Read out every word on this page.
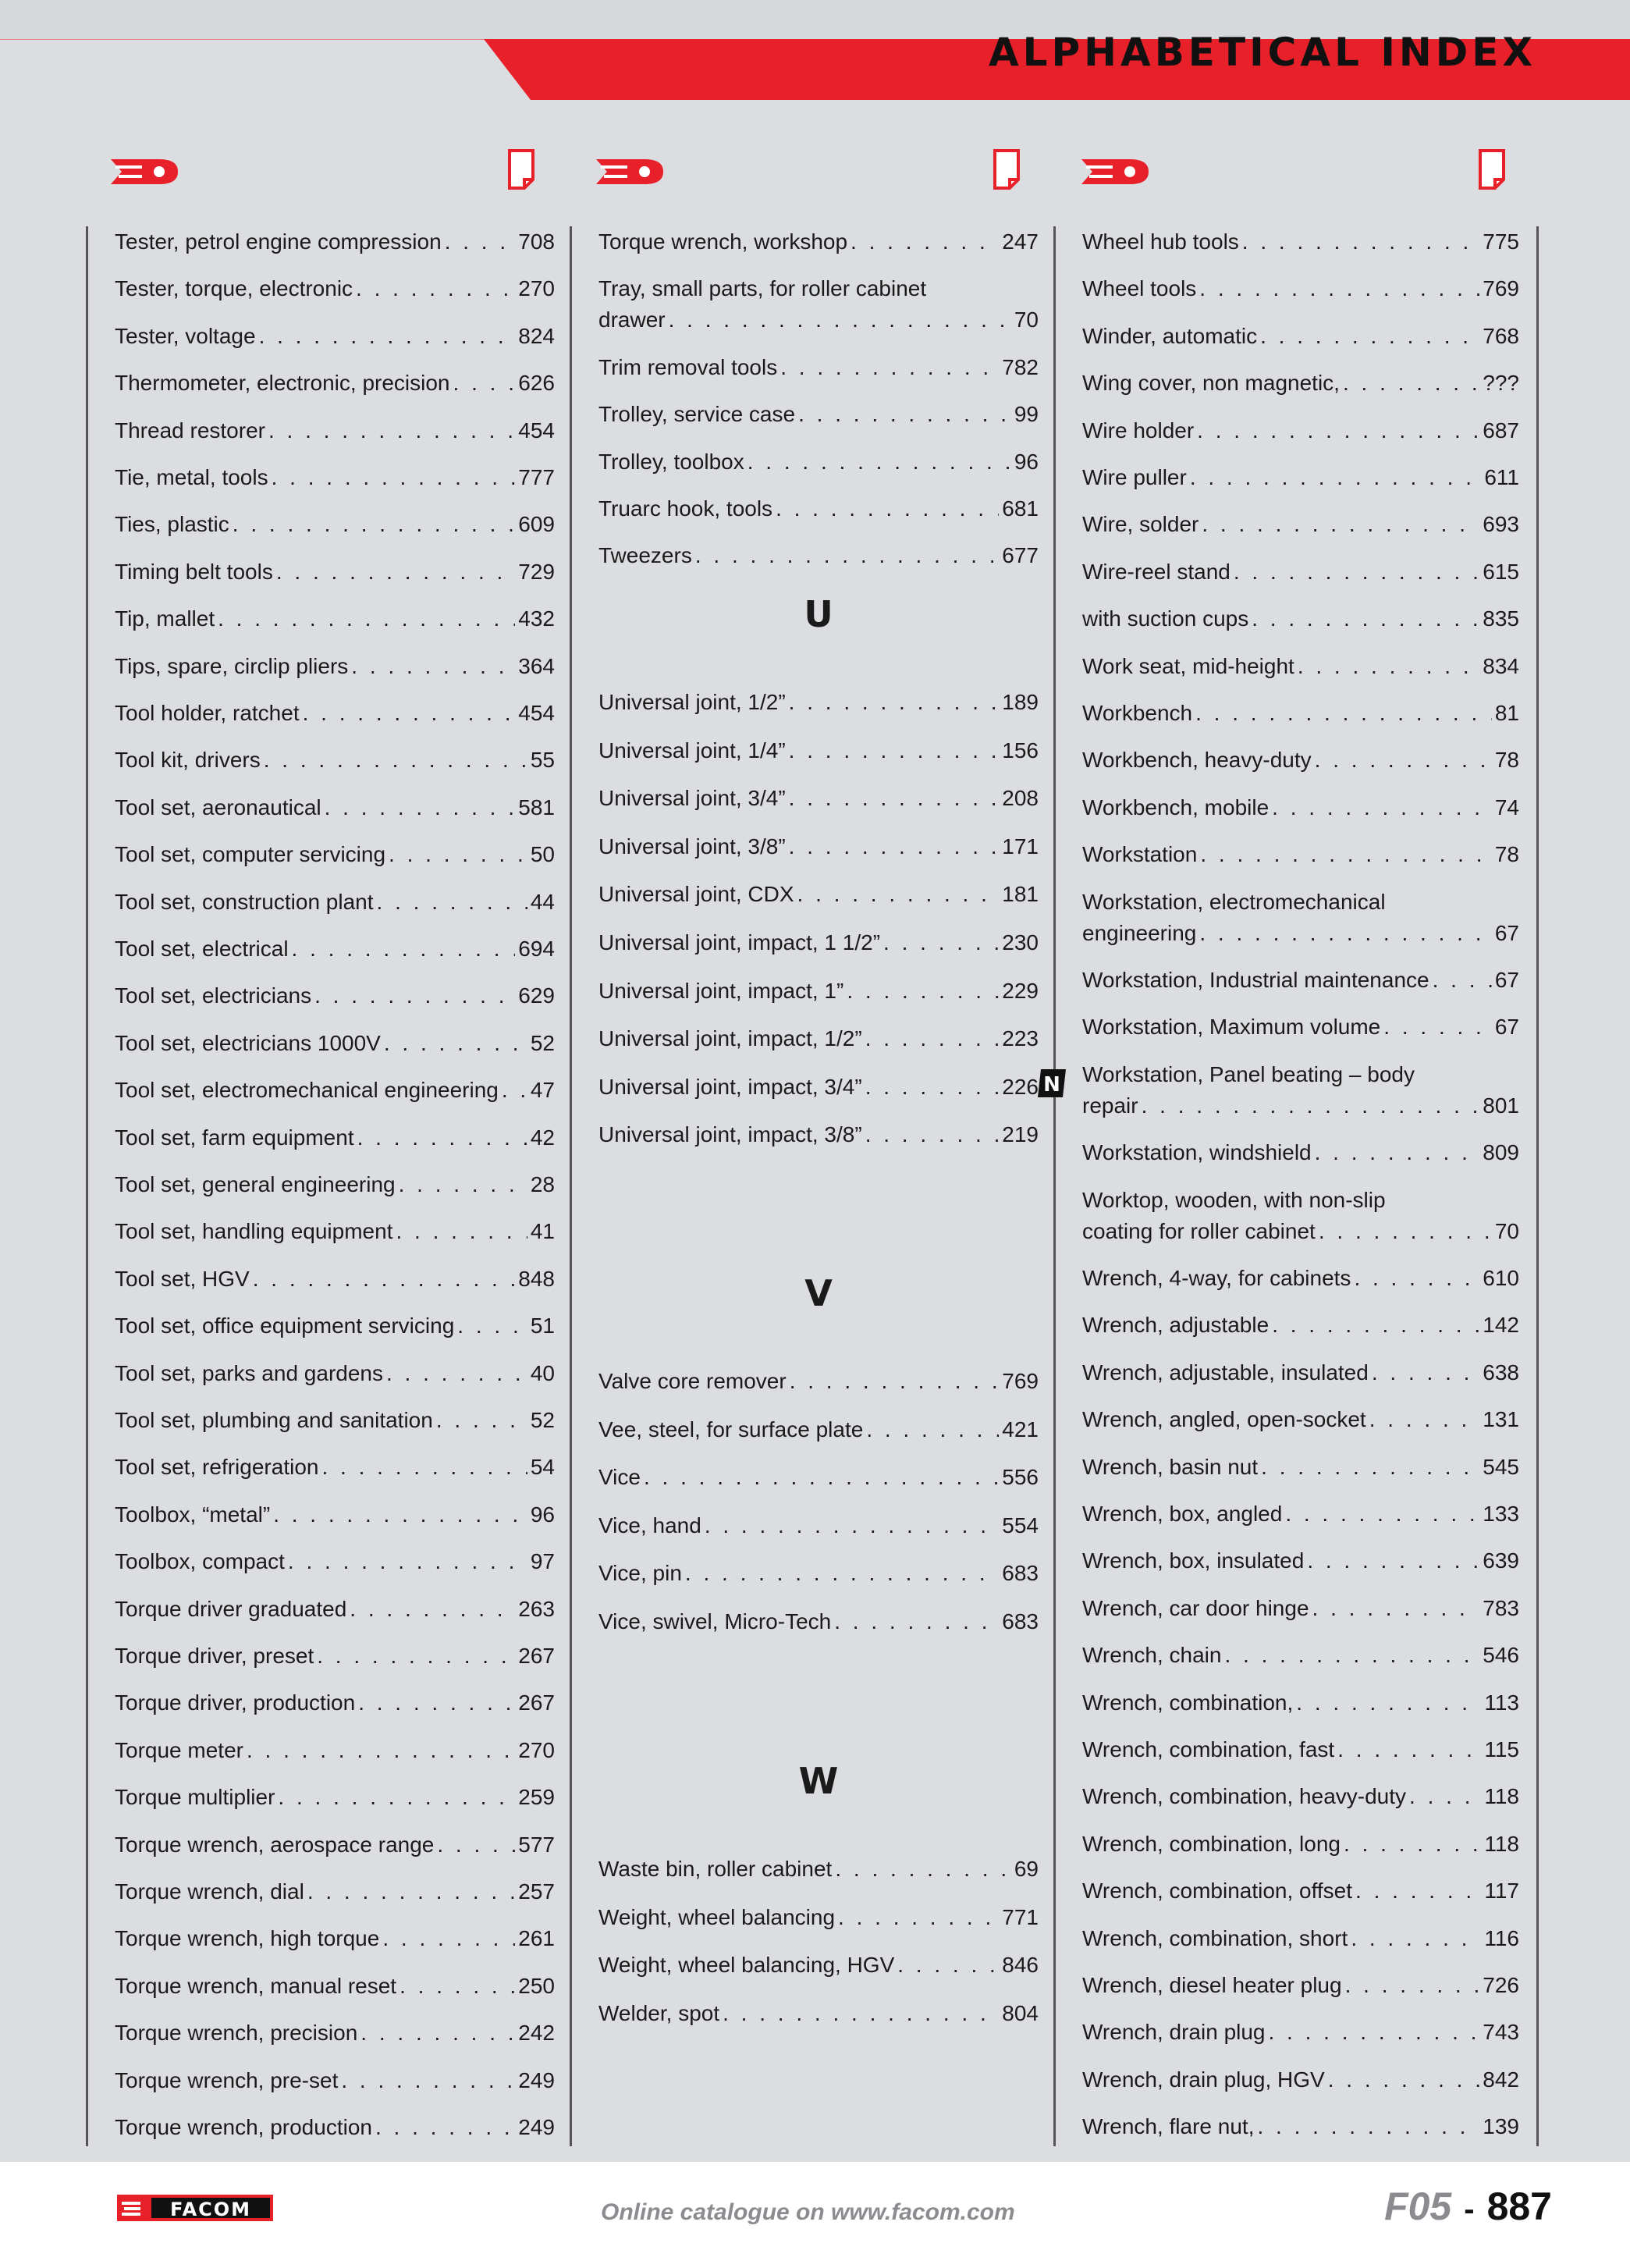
ALPHABETICAL INDEX
Tester, petrol engine compression . . .	708
Tester, torque, electronic . . .	270
Tester, voltage . . .	824
Thermometer, electronic, precision . . .	626
Thread restorer . . .	454
Tie, metal, tools . . .	777
Ties, plastic . . .	609
Timing belt tools . . .	729
Tip, mallet . . .	432
Tips, spare, circlip pliers . . .	364
Tool holder, ratchet . . .	454
Tool kit, drivers . . .	55
Tool set, aeronautical . . .	581
Tool set, computer servicing . . .	50
Tool set, construction plant . . .	44
Tool set, electrical . . .	694
Tool set, electricians . . .	629
Tool set, electricians 1000V . . .	52
Tool set, electromechanical engineering . . . 47
Tool set, farm equipment . . .	42
Tool set, general engineering . . .	28
Tool set, handling equipment . . .	41
Tool set, HGV . . .	848
Tool set, office equipment servicing . . .	51
Tool set, parks and gardens . . .	40
Tool set, plumbing and sanitation . . .	52
Tool set, refrigeration . . .	54
Toolbox, “metal” . . .	96
Toolbox, compact . . .	97
Torque driver graduated . . .	263
Torque driver, preset . . .	267
Torque driver, production . . .	267
Torque meter . . .	270
Torque multiplier . . .	259
Torque wrench, aerospace range . . .	577
Torque wrench, dial . . .	257
Torque wrench, high torque . . .	261
Torque wrench, manual reset . . .	250
Torque wrench, precision . . .	242
Torque wrench, pre-set . . .	249
Torque wrench, production . . .	249
Torque wrench, workshop . . .	247
Tray, small parts, for roller cabinet
drawer . . .	70
Trim removal tools . . .	782
Trolley, service case . . .	99
Trolley, toolbox . . .	96
Truarc hook, tools . . .	681
Tweezers . . .	677
U
Universal joint, 1/2” . . .	189
Universal joint, 1/4” . . .	156
Universal joint, 3/4” . . .	208
Universal joint, 3/8” . . .	171
Universal joint, CDX . . .	181
Universal joint, impact, 1 1/2” . . .	230
Universal joint, impact, 1” . . .	229
Universal joint, impact, 1/2” . . .	223
Universal joint, impact, 3/4” . . .	226
Universal joint, impact, 3/8” . . .	219
V
Valve core remover . . .	769
Vee, steel, for surface plate . . .	421
Vice . . .	556
Vice, hand . . .	554
Vice, pin . . .	683
Vice, swivel, Micro-Tech . . .	683
W
Waste bin, roller cabinet . . .	69
Weight, wheel balancing . . .	771
Weight, wheel balancing, HGV . . .	846
Welder, spot . . .	804
Wheel hub tools . . .	775
Wheel tools . . .	769
Winder, automatic . . .	768
Wing cover, non magnetic, . . .	???
Wire holder . . .	687
Wire puller . . .	611
Wire, solder . . .	693
Wire-reel stand . . .	615
with suction cups . . .	835
Work seat, mid-height . . .	834
Workbench . . .	81
Workbench, heavy-duty . . .	78
Workbench, mobile . . .	74
Workstation . . .	78
Workstation, electromechanical
engineering . . .	67
Workstation, Industrial maintenance . . .	67
Workstation, Maximum volume . . .	67
Workstation, Panel beating – body
repair . . .	801
Workstation, windshield . . .	809
Worktop, wooden, with non-slip
coating for roller cabinet . . .	70
Wrench, 4-way, for cabinets . . .	610
Wrench, adjustable . . .	142
Wrench, adjustable, insulated . . .	638
Wrench, angled, open-socket . . .	131
Wrench, basin nut . . .	545
Wrench, box, angled . . .	133
Wrench, box, insulated . . .	639
Wrench, car door hinge . . .	783
Wrench, chain . . .	546
Wrench, combination, . . .	113
Wrench, combination, fast . . .	115
Wrench, combination, heavy-duty . . .	118
Wrench, combination, long . . .	118
Wrench, combination, offset . . .	117
Wrench, combination, short . . .	116
Wrench, diesel heater plug . . .	726
Wrench, drain plug . . .	743
Wrench, drain plug, HGV . . .	842
Wrench, flare nut, . . .	139
N
FACOM	Online catalogue on www.facom.com	F05 - 887
